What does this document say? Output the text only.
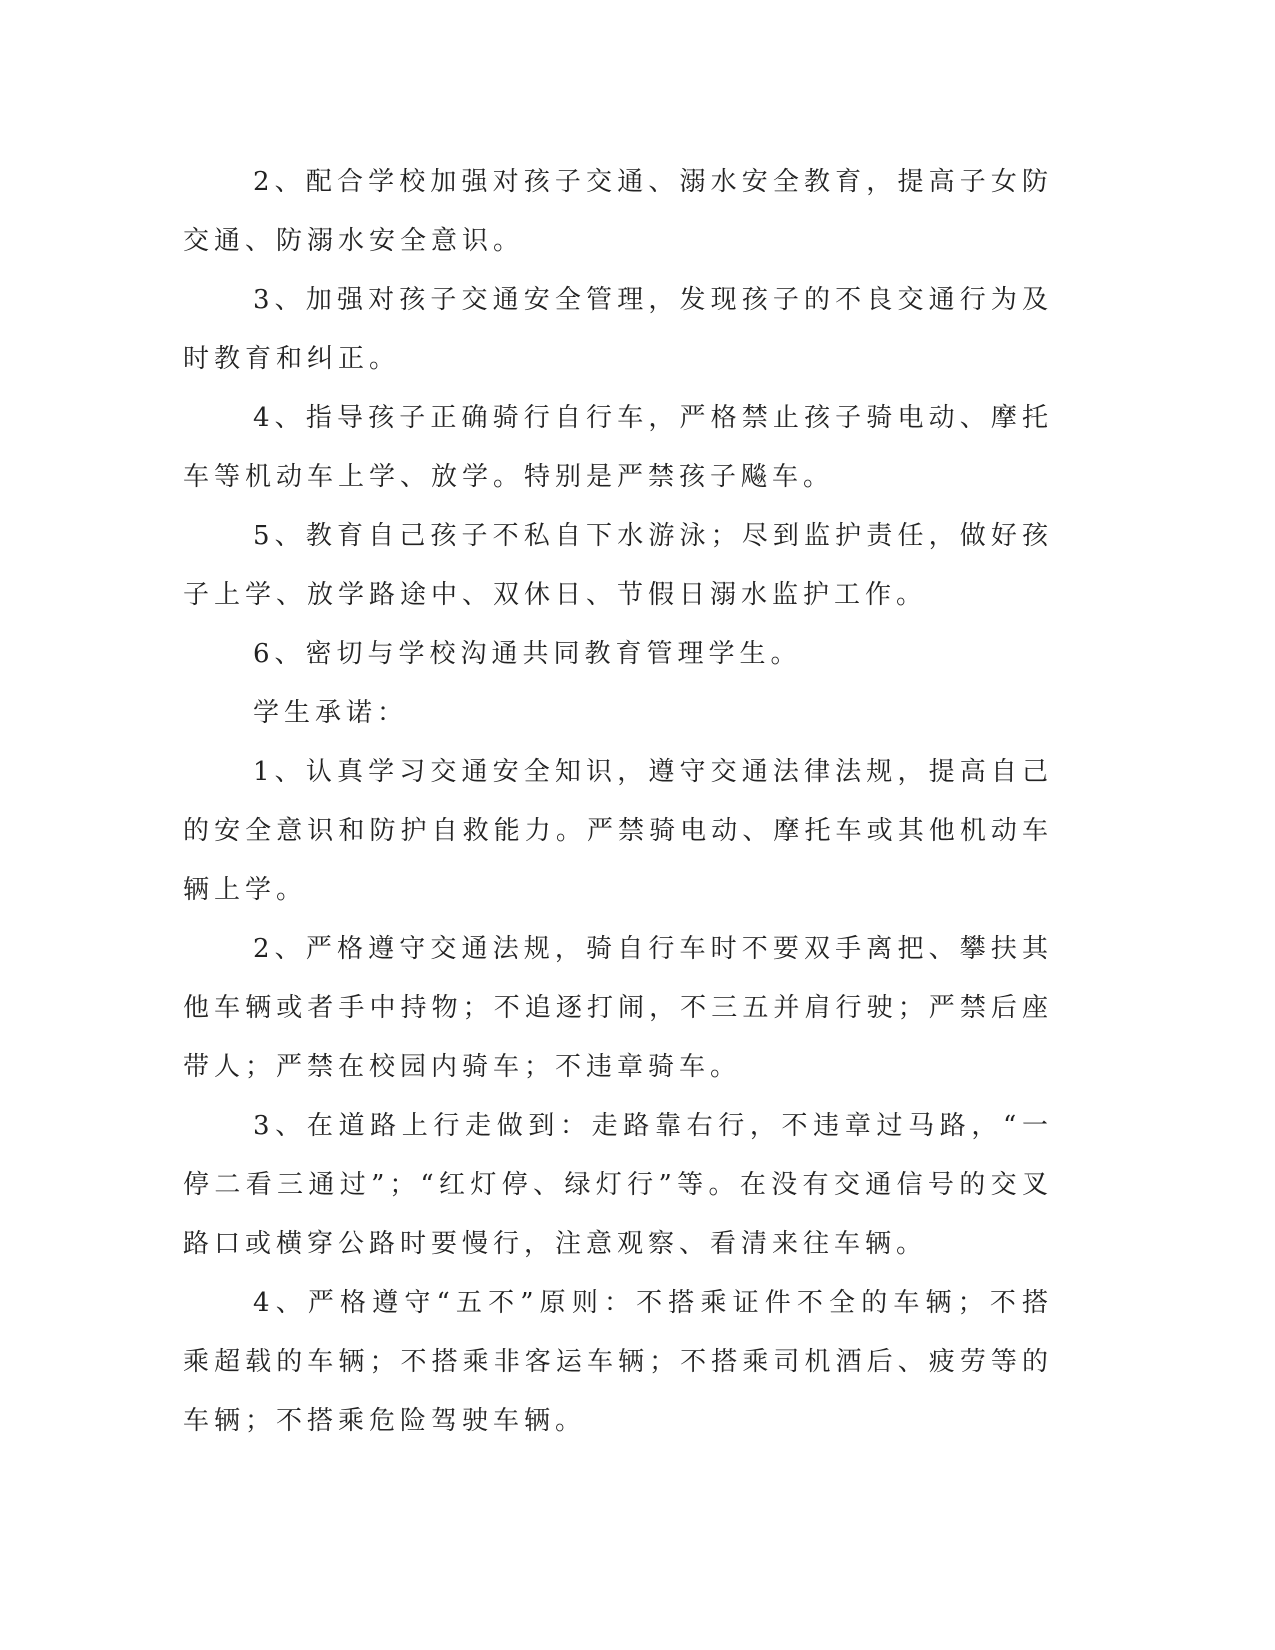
2、配合学校加强对孩子交通、溺水安全教育，提高子女防交通、防溺水安全意识。

3、加强对孩子交通安全管理，发现孩子的不良交通行为及时教育和纠正。

4、指导孩子正确骑行自行车，严格禁止孩子骑电动、摩托车等机动车上学、放学。特别是严禁孩子飚车。

5、教育自己孩子不私自下水游泳；尽到监护责任，做好孩子上学、放学路途中、双休日、节假日溺水监护工作。

6、密切与学校沟通共同教育管理学生。

学生承诺：

1、认真学习交通安全知识，遵守交通法律法规，提高自己的安全意识和防护自救能力。严禁骑电动、摩托车或其他机动车辆上学。

2、严格遵守交通法规，骑自行车时不要双手离把、攀扶其他车辆或者手中持物；不追逐打闹，不三五并肩行驶；严禁后座带人；严禁在校园内骑车；不违章骑车。

3、在道路上行走做到：走路靠右行，不违章过马路，“一停二看三通过”；“红灯停、绿灯行”等。在没有交通信号的交叉路口或横穿公路时要慢行，注意观察、看清来往车辆。

4、严格遵守“五不”原则：不搭乘证件不全的车辆；不搭乘超载的车辆；不搭乘非客运车辆；不搭乘司机酒后、疲劳等的车辆；不搭乘危险驾驶车辆。
